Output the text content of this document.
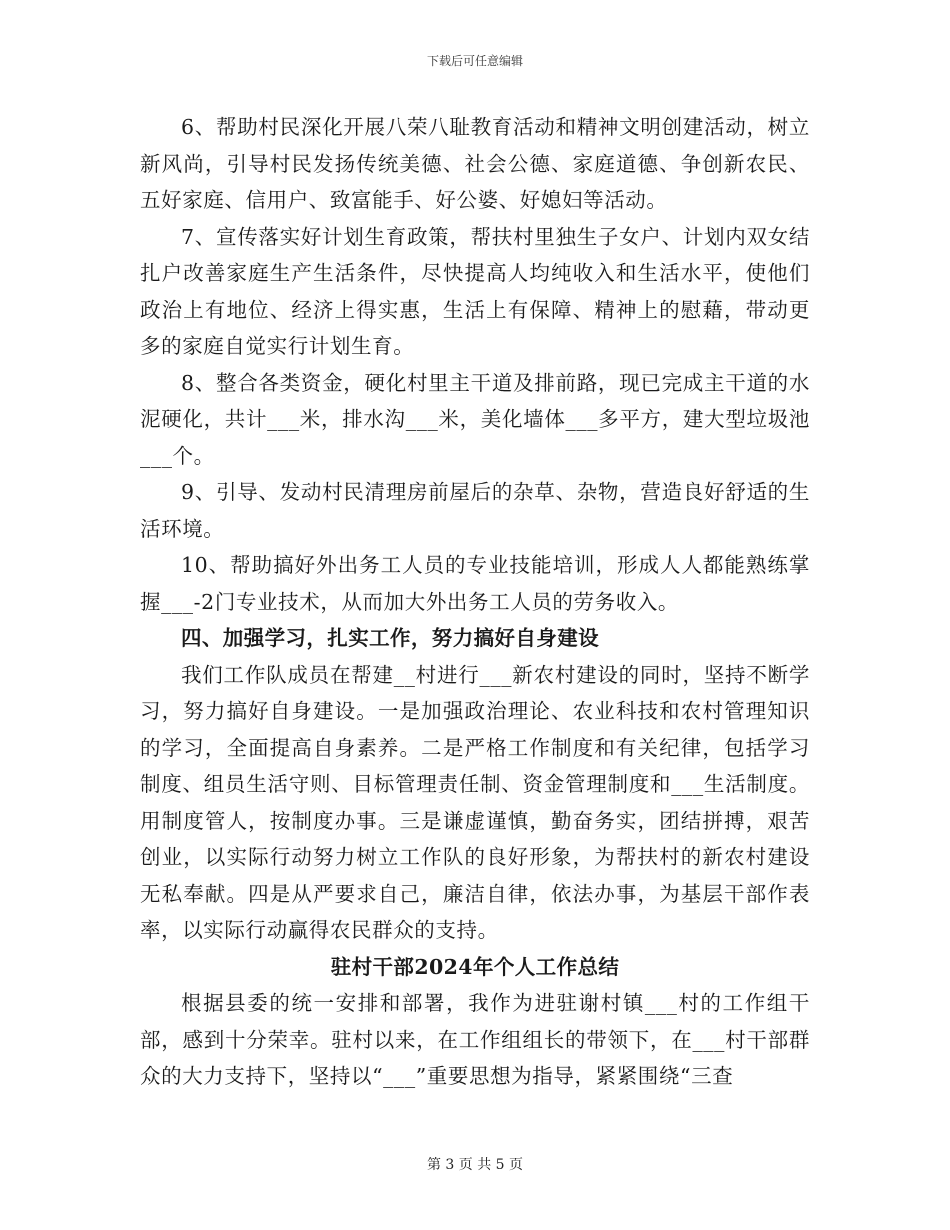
下载后可任意编辑

6、帮助村民深化开展八荣八耻教育活动和精神文明创建活动，树立新风尚，引导村民发扬传统美德、社会公德、家庭道德、争创新农民、五好家庭、信用户、致富能手、好公婆、好媳妇等活动。

7、宣传落实好计划生育政策，帮扶村里独生子女户、计划内双女结扎户改善家庭生产生活条件，尽快提高人均纯收入和生活水平，使他们政治上有地位、经济上得实惠，生活上有保障、精神上的慰藉，带动更多的家庭自觉实行计划生育。

8、整合各类资金，硬化村里主干道及排前路，现已完成主干道的水泥硬化，共计___米，排水沟___米，美化墙体___多平方，建大型垃圾池___个。

9、引导、发动村民清理房前屋后的杂草、杂物，营造良好舒适的生活环境。

10、帮助搞好外出务工人员的专业技能培训，形成人人都能熟练掌握___-2门专业技术，从而加大外出务工人员的劳务收入。

四、加强学习，扎实工作，努力搞好自身建设

我们工作队成员在帮建__村进行___新农村建设的同时，坚持不断学习，努力搞好自身建设。一是加强政治理论、农业科技和农村管理知识的学习，全面提高自身素养。二是严格工作制度和有关纪律，包括学习制度、组员生活守则、目标管理责任制、资金管理制度和___生活制度。用制度管人，按制度办事。三是谦虚谨慎，勤奋务实，团结拼搏，艰苦创业，以实际行动努力树立工作队的良好形象，为帮扶村的新农村建设无私奉献。四是从严要求自己，廉洁自律，依法办事，为基层干部作表率，以实际行动赢得农民群众的支持。

驻村干部2024年个人工作总结

根据县委的统一安排和部署，我作为进驻谢村镇___村的工作组干部，感到十分荣幸。驻村以来，在工作组组长的带领下，在___村干部群众的大力支持下，坚持以“___”重要思想为指导，紧紧围绕“三查

第 3 页 共 5 页
